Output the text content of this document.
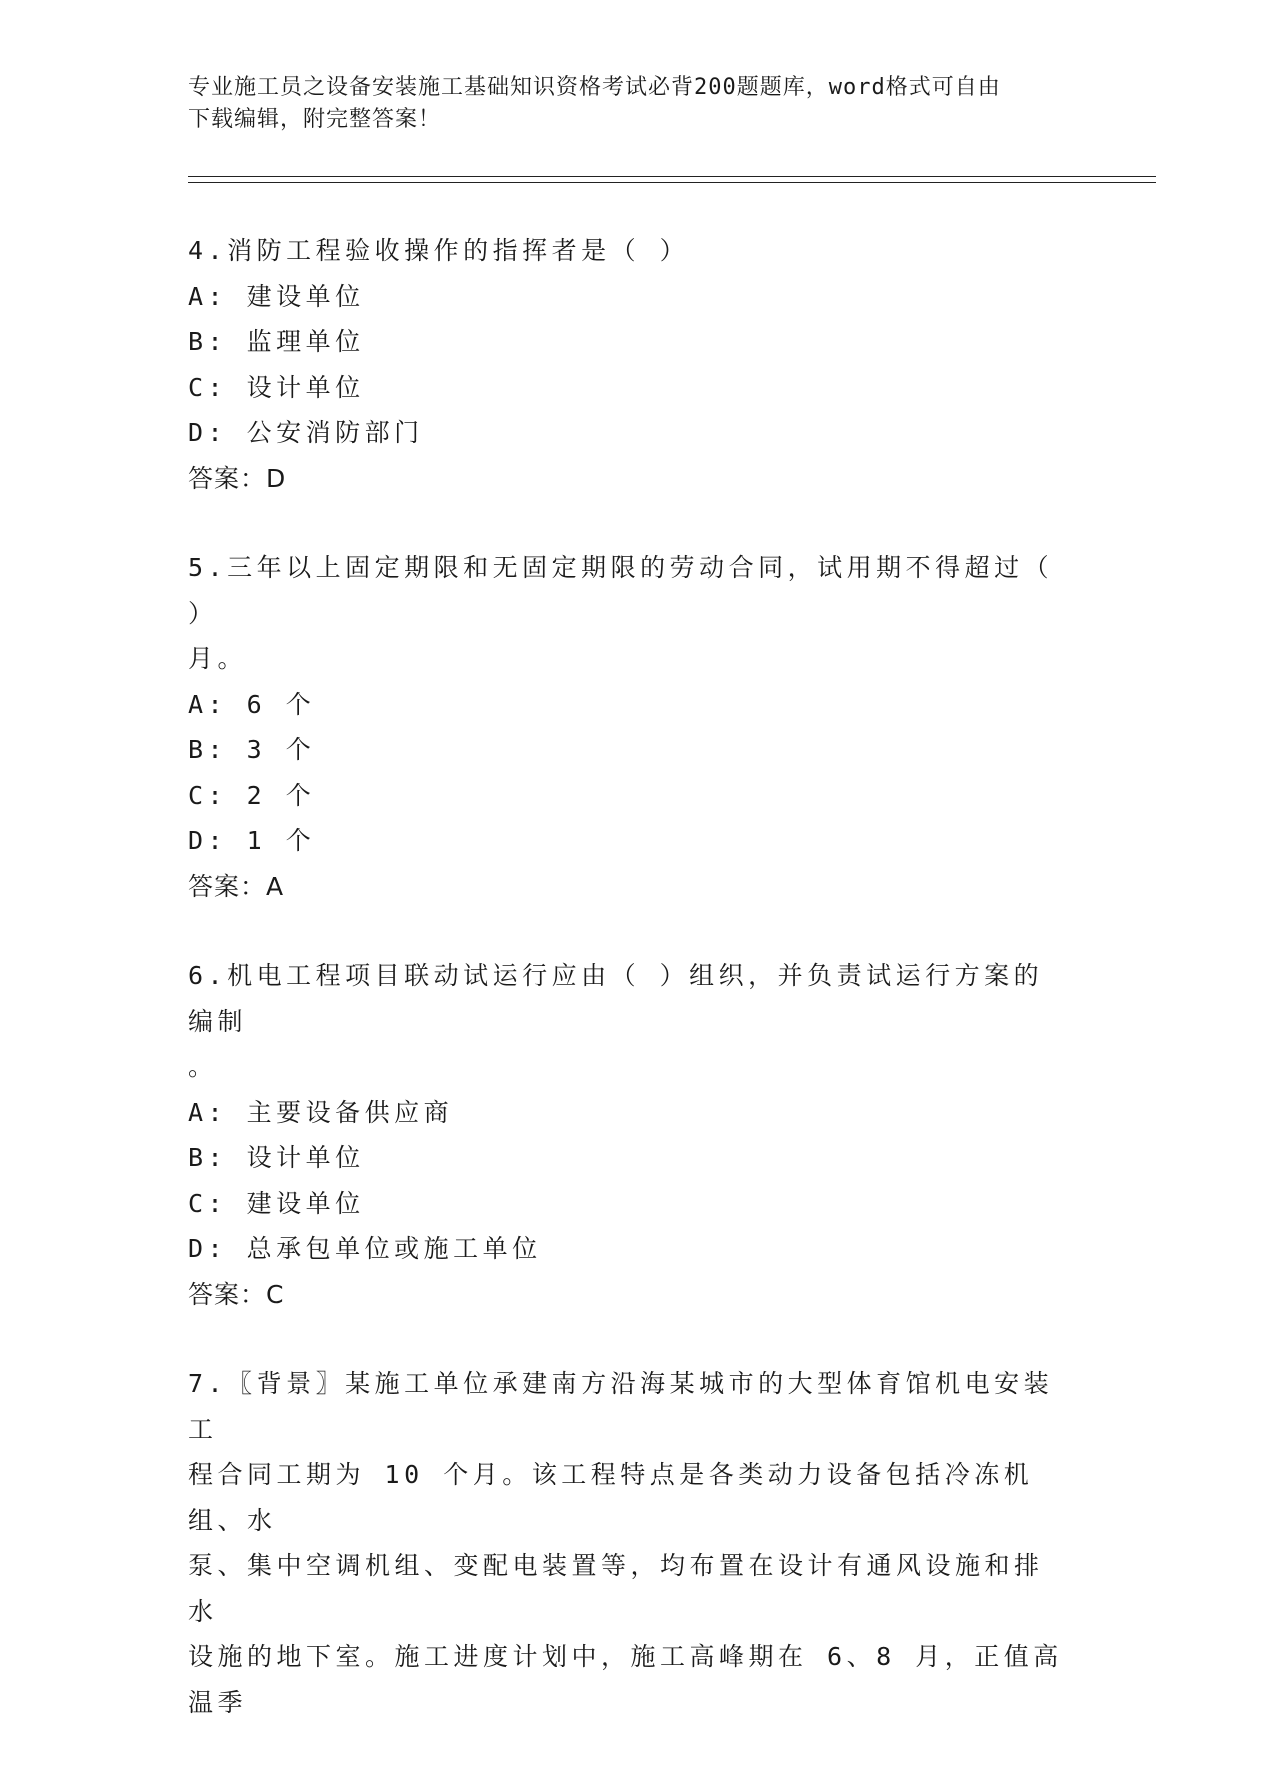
专业施工员之设备安装施工基础知识资格考试必背200题题库，word格式可自由

下载编辑，附完整答案！

4.消防工程验收操作的指挥者是（ ）
A: 建设单位
B: 监理单位
C: 设计单位
D: 公安消防部门
答案：D
5.三年以上固定期限和无固定期限的劳动合同，试用期不得超过（ ）
月。
A: 6 个
B: 3 个
C: 2 个
D: 1 个
答案：A
6.机电工程项目联动试运行应由（ ）组织，并负责试运行方案的编制
。
A: 主要设备供应商
B: 设计单位
C: 建设单位
D: 总承包单位或施工单位
答案：C
7.〖背景〗某施工单位承建南方沿海某城市的大型体育馆机电安装工
程合同工期为 10 个月。该工程特点是各类动力设备包括冷冻机组、水
泵、集中空调机组、变配电装置等，均布置在设计有通风设施和排水
设施的地下室。施工进度计划中，施工高峰期在 6、8 月，正值高温季
